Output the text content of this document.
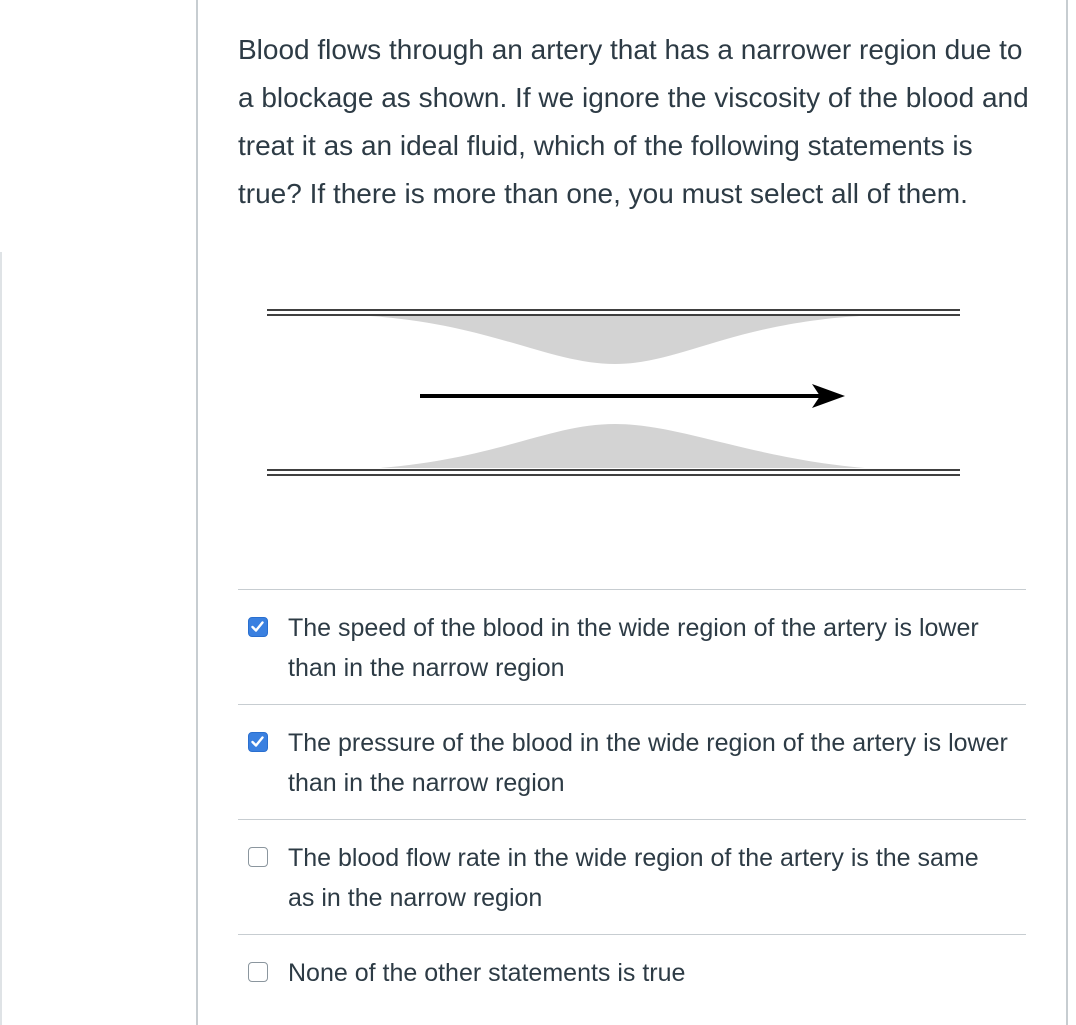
Blood flows through an artery that has a narrower region due to a blockage as shown. If we ignore the viscosity of the blood and treat it as an ideal fluid, which of the following statements is true? If there is more than one, you must select all of them.

The speed of the blood in the wide region of the artery is lower than in the narrow region
The pressure of the blood in the wide region of the artery is lower than in the narrow region
The blood flow rate in the wide region of the artery is the same as in the narrow region
None of the other statements is true
